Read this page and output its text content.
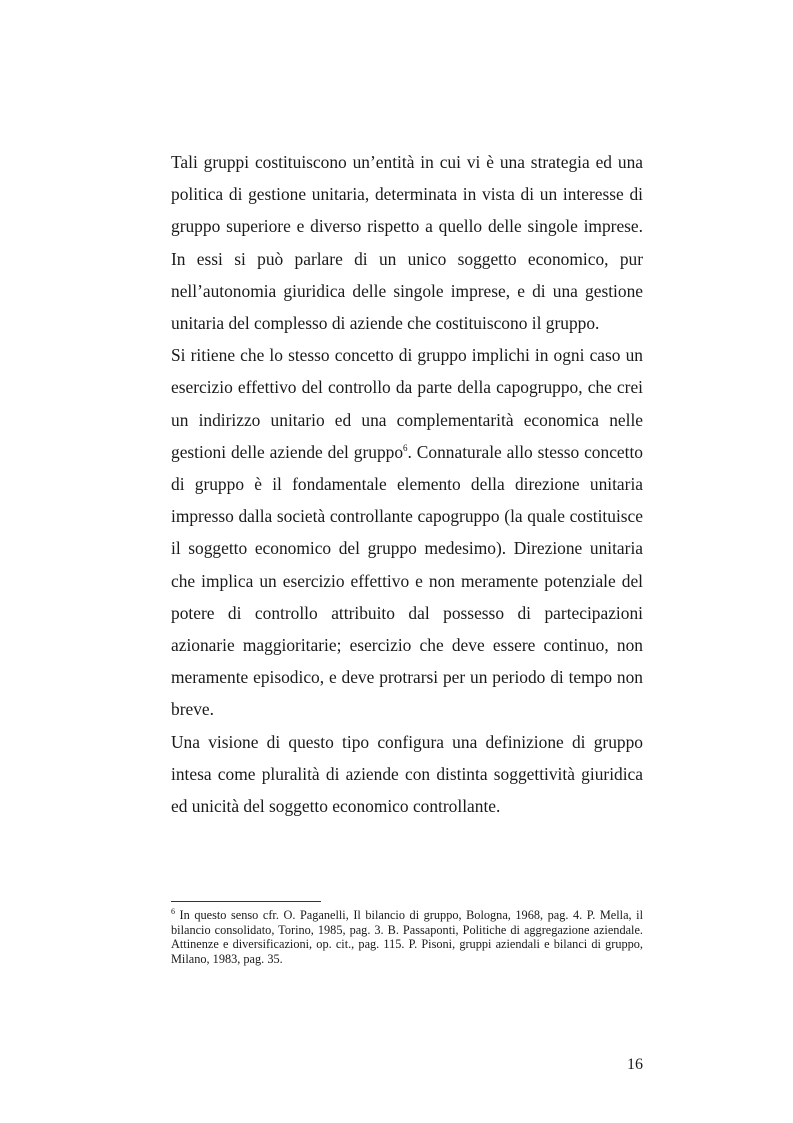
Tali gruppi costituiscono un’entità in cui vi è una strategia ed una politica di gestione unitaria, determinata in vista di un interesse di gruppo superiore e diverso rispetto a quello delle singole imprese. In essi si può parlare di un unico soggetto economico, pur nell’autonomia giuridica delle singole imprese, e di una gestione unitaria del complesso di aziende che costituiscono il gruppo.

Si ritiene che lo stesso concetto di gruppo implichi in ogni caso un esercizio effettivo del controllo da parte della capogruppo, che crei un indirizzo unitario ed una complementarità economica nelle gestioni delle aziende del gruppo$^6$. Connaturale allo stesso concetto di gruppo è il fondamentale elemento della direzione unitaria impresso dalla società controllante capogruppo (la quale costituisce il soggetto economico del gruppo medesimo). Direzione unitaria che implica un esercizio effettivo e non meramente potenziale del potere di controllo attribuito dal possesso di partecipazioni azionarie maggioritarie; esercizio che deve essere continuo, non meramente episodico, e deve protrarsi per un periodo di tempo non breve.

Una visione di questo tipo configura una definizione di gruppo intesa come pluralità di aziende con distinta soggettività giuridica ed unicità del soggetto economico controllante.

$^6$ In questo senso cfr. O. Paganelli, Il bilancio di gruppo, Bologna, 1968, pag. 4. P. Mella, il bilancio consolidato, Torino, 1985, pag. 3. B. Passaponti, Politiche di aggregazione aziendale. Attinenze e diversificazioni, op. cit., pag. 115. P. Pisoni, gruppi aziendali e bilanci di gruppo, Milano, 1983, pag. 35.

16
